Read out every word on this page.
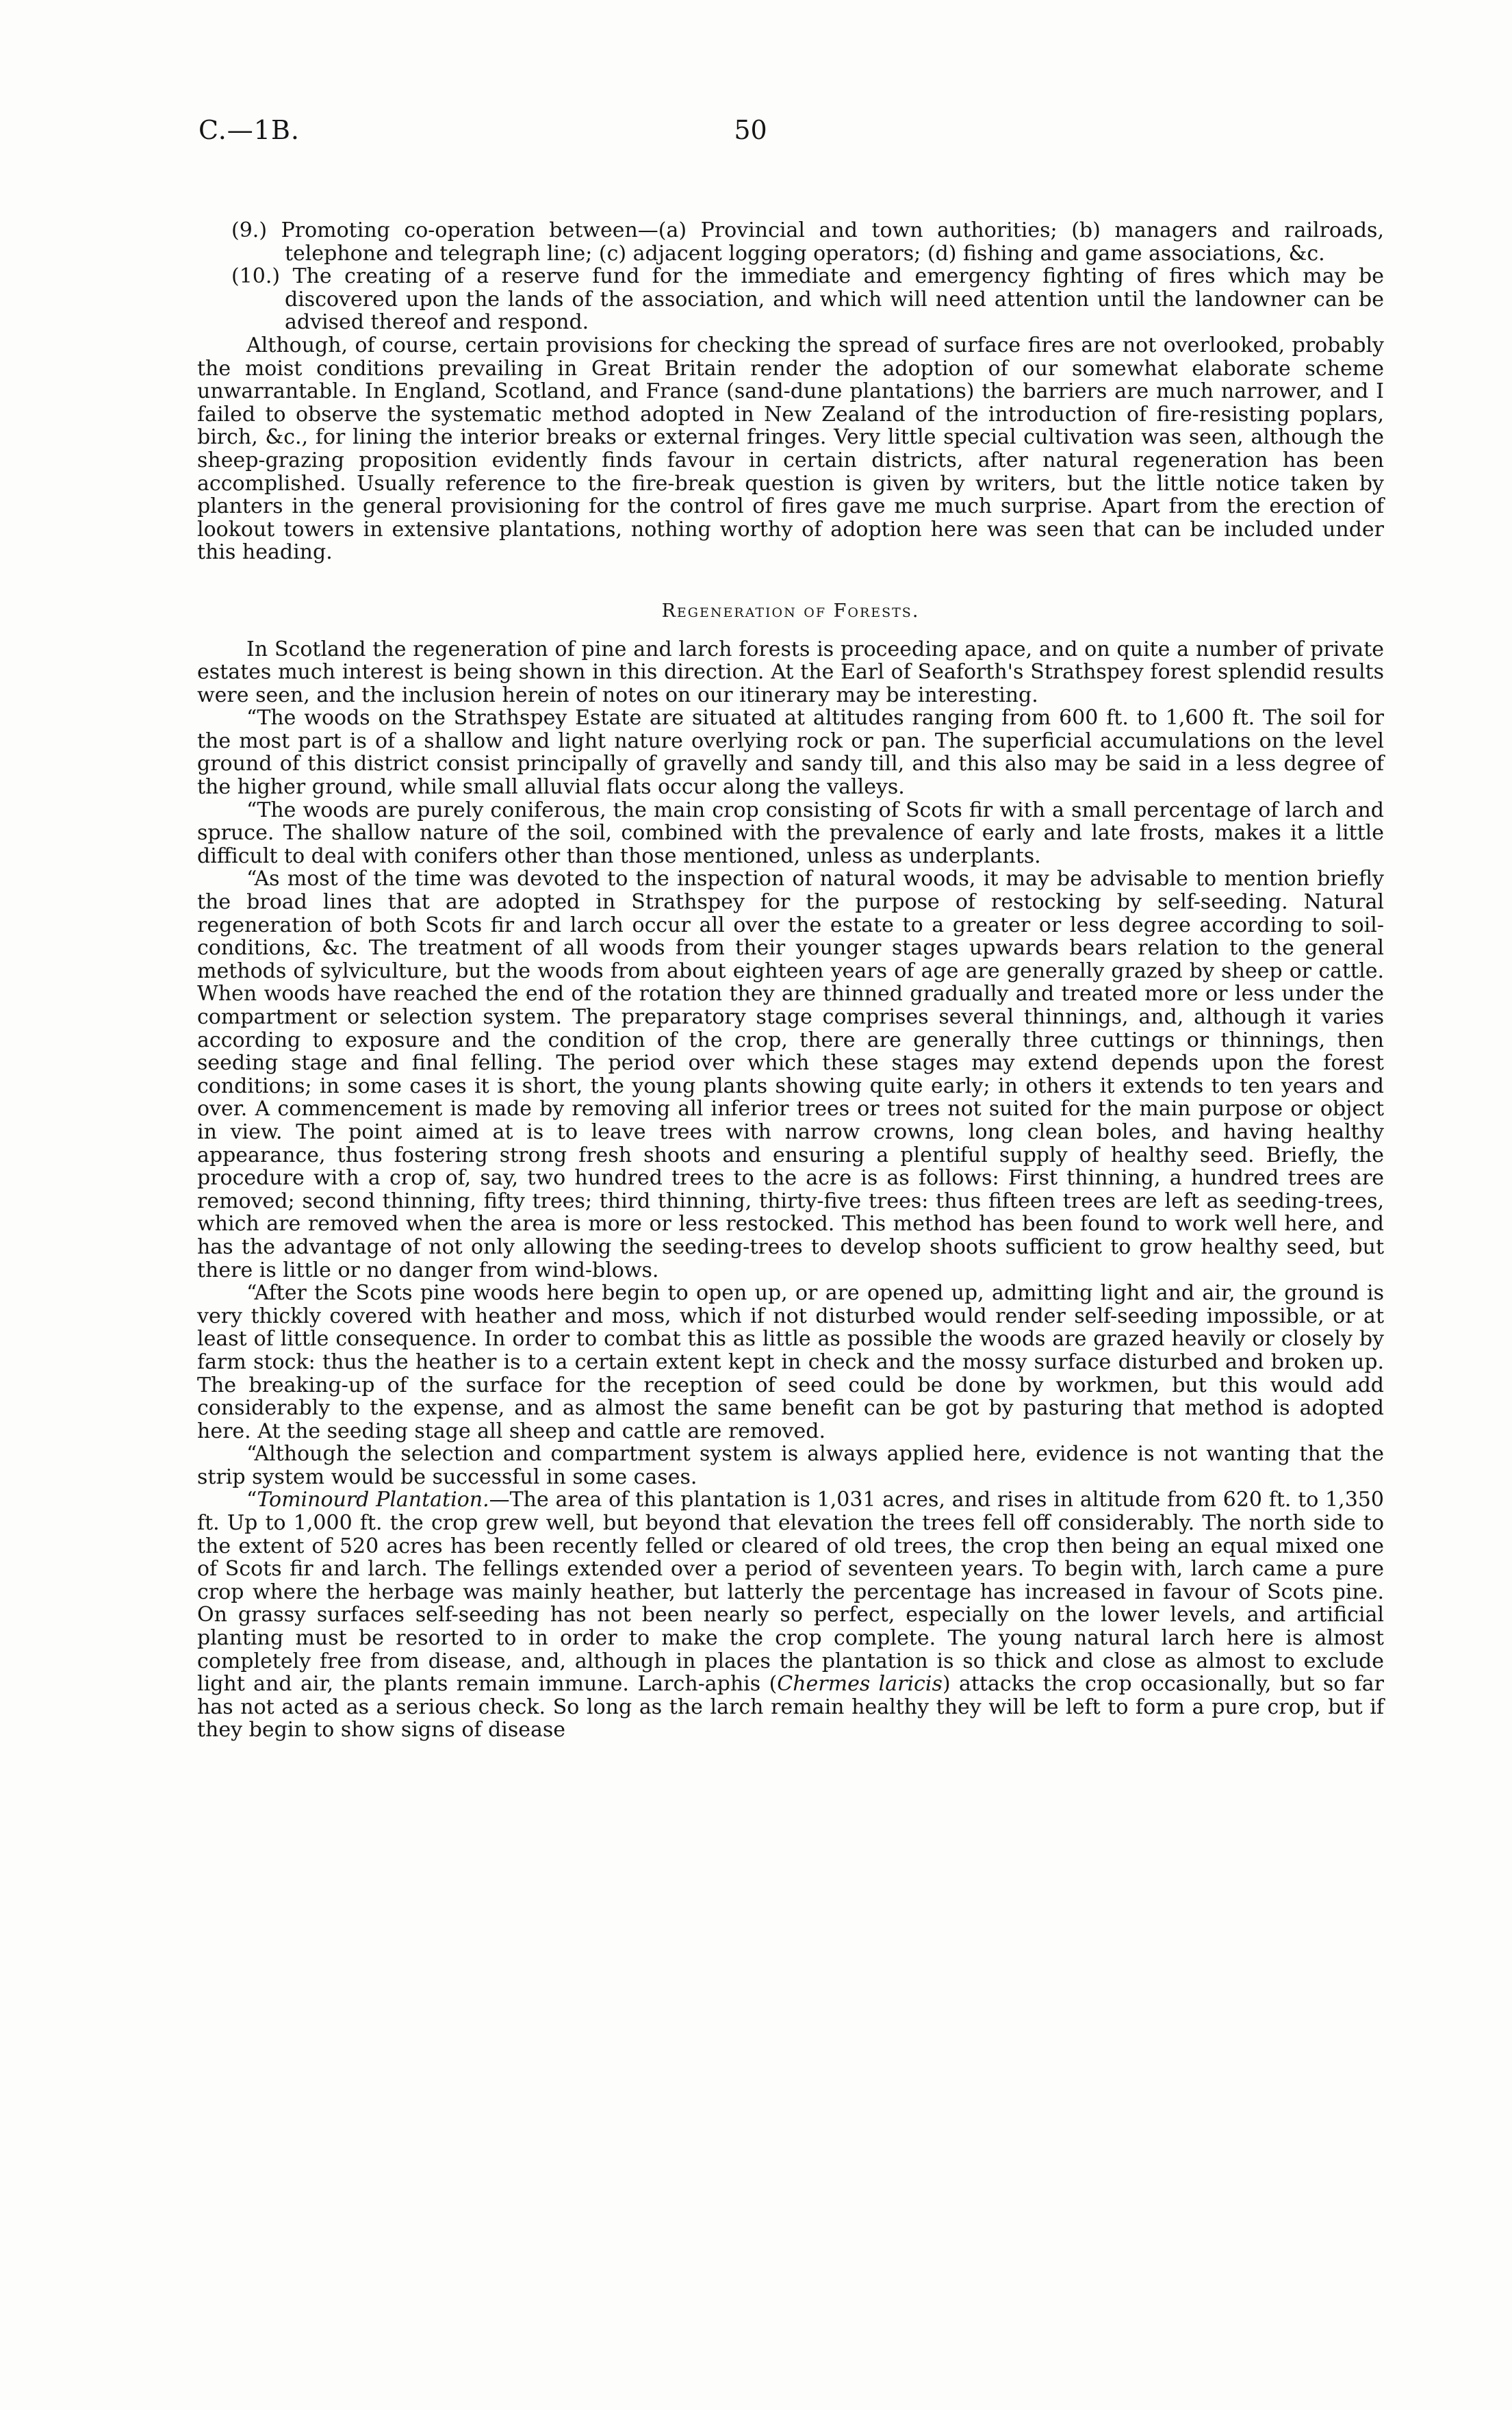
C.—1B.	50

(9.) Promoting co-operation between—(a) Provincial and town authorities; (b) managers and railroads, telephone and telegraph line; (c) adjacent logging operators; (d) fishing and game associations, &c.

(10.) The creating of a reserve fund for the immediate and emergency fighting of fires which may be discovered upon the lands of the association, and which will need attention until the landowner can be advised thereof and respond.

Although, of course, certain provisions for checking the spread of surface fires are not overlooked, probably the moist conditions prevailing in Great Britain render the adoption of our somewhat elaborate scheme unwarrantable. In England, Scotland, and France (sand-dune plantations) the barriers are much narrower, and I failed to observe the systematic method adopted in New Zealand of the introduction of fire-resisting poplars, birch, &c., for lining the interior breaks or external fringes. Very little special cultivation was seen, although the sheep-grazing proposition evidently finds favour in certain districts, after natural regeneration has been accomplished. Usually reference to the fire-break question is given by writers, but the little notice taken by planters in the general provisioning for the control of fires gave me much surprise. Apart from the erection of lookout towers in extensive plantations, nothing worthy of adoption here was seen that can be included under this heading.

Regeneration of Forests.

In Scotland the regeneration of pine and larch forests is proceeding apace, and on quite a number of private estates much interest is being shown in this direction. At the Earl of Seaforth's Strathspey forest splendid results were seen, and the inclusion herein of notes on our itinerary may be interesting.

“The woods on the Strathspey Estate are situated at altitudes ranging from 600 ft. to 1,600 ft. The soil for the most part is of a shallow and light nature overlying rock or pan. The superficial accumulations on the level ground of this district consist principally of gravelly and sandy till, and this also may be said in a less degree of the higher ground, while small alluvial flats occur along the valleys.

“The woods are purely coniferous, the main crop consisting of Scots fir with a small percentage of larch and spruce. The shallow nature of the soil, combined with the prevalence of early and late frosts, makes it a little difficult to deal with conifers other than those mentioned, unless as underplants.

“As most of the time was devoted to the inspection of natural woods, it may be advisable to mention briefly the broad lines that are adopted in Strathspey for the purpose of restocking by self-seeding. Natural regeneration of both Scots fir and larch occur all over the estate to a greater or less degree according to soil-conditions, &c. The treatment of all woods from their younger stages upwards bears relation to the general methods of sylviculture, but the woods from about eighteen years of age are generally grazed by sheep or cattle. When woods have reached the end of the rotation they are thinned gradually and treated more or less under the compartment or selection system. The preparatory stage comprises several thinnings, and, although it varies according to exposure and the condition of the crop, there are generally three cuttings or thinnings, then seeding stage and final felling. The period over which these stages may extend depends upon the forest conditions; in some cases it is short, the young plants showing quite early; in others it extends to ten years and over. A commencement is made by removing all inferior trees or trees not suited for the main purpose or object in view. The point aimed at is to leave trees with narrow crowns, long clean boles, and having healthy appearance, thus fostering strong fresh shoots and ensuring a plentiful supply of healthy seed. Briefly, the procedure with a crop of, say, two hundred trees to the acre is as follows: First thinning, a hundred trees are removed; second thinning, fifty trees; third thinning, thirty-five trees: thus fifteen trees are left as seeding-trees, which are removed when the area is more or less restocked. This method has been found to work well here, and has the advantage of not only allowing the seeding-trees to develop shoots sufficient to grow healthy seed, but there is little or no danger from wind-blows.

“After the Scots pine woods here begin to open up, or are opened up, admitting light and air, the ground is very thickly covered with heather and moss, which if not disturbed would render self-seeding impossible, or at least of little consequence. In order to combat this as little as possible the woods are grazed heavily or closely by farm stock: thus the heather is to a certain extent kept in check and the mossy surface disturbed and broken up. The breaking-up of the surface for the reception of seed could be done by workmen, but this would add considerably to the expense, and as almost the same benefit can be got by pasturing that method is adopted here. At the seeding stage all sheep and cattle are removed.

“Although the selection and compartment system is always applied here, evidence is not wanting that the strip system would be successful in some cases.

“Tominourd Plantation.—The area of this plantation is 1,031 acres, and rises in altitude from 620 ft. to 1,350 ft. Up to 1,000 ft. the crop grew well, but beyond that elevation the trees fell off considerably. The north side to the extent of 520 acres has been recently felled or cleared of old trees, the crop then being an equal mixed one of Scots fir and larch. The fellings extended over a period of seventeen years. To begin with, larch came a pure crop where the herbage was mainly heather, but latterly the percentage has increased in favour of Scots pine. On grassy surfaces self-seeding has not been nearly so perfect, especially on the lower levels, and artificial planting must be resorted to in order to make the crop complete. The young natural larch here is almost completely free from disease, and, although in places the plantation is so thick and close as almost to exclude light and air, the plants remain immune. Larch-aphis (Chermes laricis) attacks the crop occasionally, but so far has not acted as a serious check. So long as the larch remain healthy they will be left to form a pure crop, but if they begin to show signs of disease
